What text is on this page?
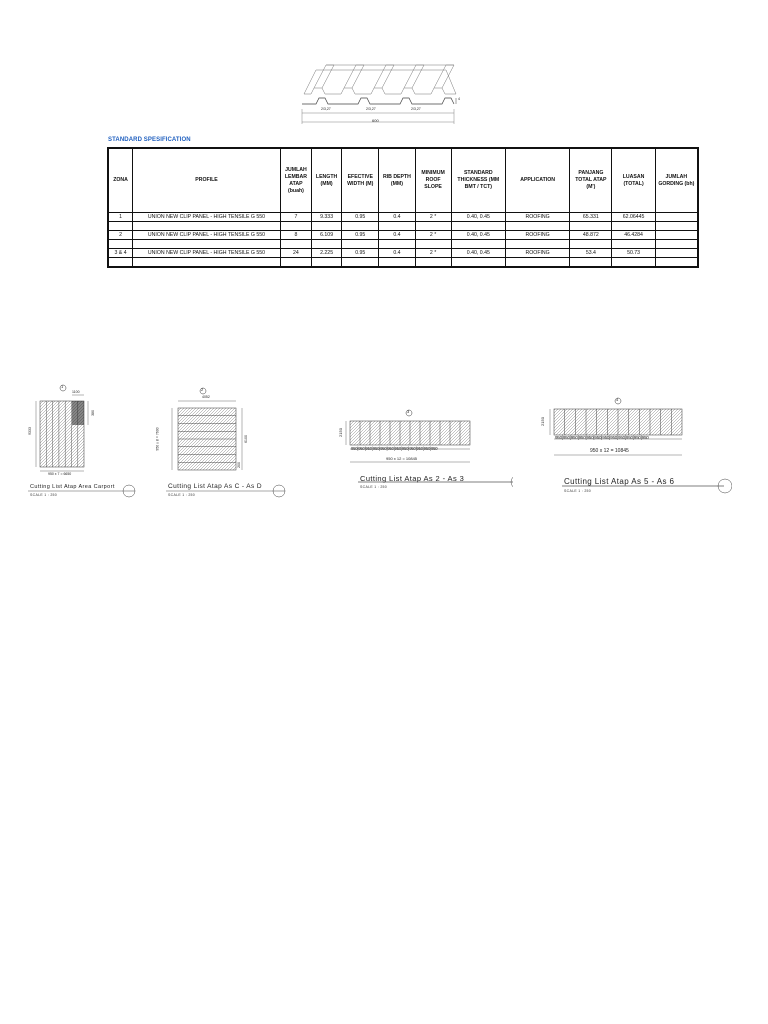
2/3,27	2/3,27	2/3,27
600
4
STANDARD SPESIFICATION
ZONA	PROFILE	JUMLAH LEMBAR ATAP (buah)	LENGTH (MM)	EFECTIVE WIDTH (M)	RIB DEPTH (MM)	MINIMUM ROOF SLOPE	STANDARD THICKNESS (MM BMT / TCT)	APPLICATION	PANJANG TOTAL ATAP (M')	LUASAN (TOTAL)	JUMLAH GORDING (bh)
1	UNION NEW CLIP PANEL - HIGH TENSILE G 550	7	9.333	0.95	0.4	2 *	0.40, 0.45	ROOFING	65.331	62.06445	

2	UNION NEW CLIP PANEL - HIGH TENSILE G 550	8	6.109	0.95	0.4	2 *	0.40, 0.45	ROOFING	48.872	46.4284	

3 & 4	UNION NEW CLIP PANEL - HIGH TENSILE G 550	24	2.225	0.95	0.4	2 *	0.40, 0.45	ROOFING	53.4	50.73	

1
9333
1100
380
950 x 7 = 6650
Cutting List Atap Area Carport
SCALE 1 : 250
2
4052
950 x 8 = 7600	6100
200
Cutting List Atap As C - As D
SCALE 1 : 250
3
2150
950|950|950|950|950|950|950|950|950|950|950|950
950 x 12 = 10845
Cutting List Atap As 2 - As 3
SCALE 1 : 250
4
2150
950|950|950|950|950|950|950|950|950|950|950|950
950 x 12 = 10845
Cutting List Atap As 5 - As 6
SCALE 1 : 250
